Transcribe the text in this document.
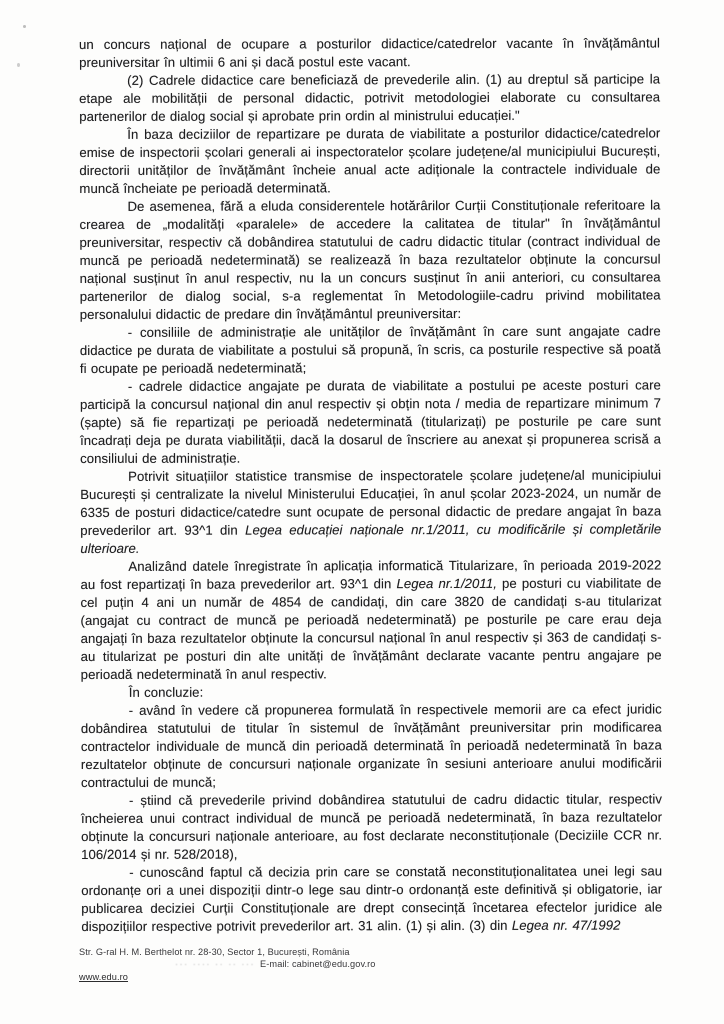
un concurs național de ocupare a posturilor didactice/catedrelor vacante în învățământul preuniversitar în ultimii 6 ani și dacă postul este vacant.

(2) Cadrele didactice care beneficiază de prevederile alin. (1) au dreptul să participe la etape ale mobilității de personal didactic, potrivit metodologiei elaborate cu consultarea partenerilor de dialog social și aprobate prin ordin al ministrului educației."

În baza deciziilor de repartizare pe durata de viabilitate a posturilor didactice/catedrelor emise de inspectorii școlari generali ai inspectoratelor școlare județene/al municipiului București, directorii unităților de învățământ încheie anual acte adiționale la contractele individuale de muncă încheiate pe perioadă determinată.

De asemenea, fără a eluda considerentele hotărârilor Curții Constituționale referitoare la crearea de „modalități «paralele» de accedere la calitatea de titular" în învățământul preuniversitar, respectiv că dobândirea statutului de cadru didactic titular (contract individual de muncă pe perioadă nedeterminată) se realizează în baza rezultatelor obținute la concursul național susținut în anul respectiv, nu la un concurs susținut în anii anteriori, cu consultarea partenerilor de dialog social, s-a reglementat în Metodologiile-cadru privind mobilitatea personalului didactic de predare din învățământul preuniversitar:

- consiliile de administrație ale unităților de învățământ în care sunt angajate cadre didactice pe durata de viabilitate a postului să propună, în scris, ca posturile respective să poată fi ocupate pe perioadă nedeterminată;

- cadrele didactice angajate pe durata de viabilitate a postului pe aceste posturi care participă la concursul național din anul respectiv și obțin nota / media de repartizare minimum 7 (șapte) să fie repartizați pe perioadă nedeterminată (titularizați) pe posturile pe care sunt încadrați deja pe durata viabilității, dacă la dosarul de înscriere au anexat și propunerea scrisă a consiliului de administrație.

Potrivit situațiilor statistice transmise de inspectoratele școlare județene/al municipiului București și centralizate la nivelul Ministerului Educației, în anul școlar 2023-2024, un număr de 6335 de posturi didactice/catedre sunt ocupate de personal didactic de predare angajat în baza prevederilor art. 93^1 din Legea educației naționale nr.1/2011, cu modificările și completările ulterioare.

Analizând datele înregistrate în aplicația informatică Titularizare, în perioada 2019-2022 au fost repartizați în baza prevederilor art. 93^1 din Legea nr.1/2011, pe posturi cu viabilitate de cel puțin 4 ani un număr de 4854 de candidați, din care 3820 de candidați s-au titularizat (angajat cu contract de muncă pe perioadă nedeterminată) pe posturile pe care erau deja angajați în baza rezultatelor obținute la concursul național în anul respectiv și 363 de candidați s-au titularizat pe posturi din alte unități de învățământ declarate vacante pentru angajare pe perioadă nedeterminată în anul respectiv.

În concluzie:

- având în vedere că propunerea formulată în respectivele memorii are ca efect juridic dobândirea statutului de titular în sistemul de învățământ preuniversitar prin modificarea contractelor individuale de muncă din perioadă determinată în perioadă nedeterminată în baza rezultatelor obținute de concursuri naționale organizate în sesiuni anterioare anului modificării contractului de muncă;

- știind că prevederile privind dobândirea statutului de cadru didactic titular, respectiv încheierea unui contract individual de muncă pe perioadă nedeterminată, în baza rezultatelor obținute la concursuri naționale anterioare, au fost declarate neconstituționale (Deciziile CCR nr. 106/2014 și nr. 528/2018),

- cunoscând faptul că decizia prin care se constată neconstituționalitatea unei legi sau ordonanțe ori a unei dispoziții dintr-o lege sau dintr-o ordonanță este definitivă și obligatorie, iar publicarea deciziei Curții Constituționale are drept consecință încetarea efectelor juridice ale dispozițiilor respective potrivit prevederilor art. 31 alin. (1) și alin. (3) din Legea nr. 47/1992

Str. G-ral H. M. Berthelot nr. 28-30, Sector 1, București, România
··· ···· ·· ·· ··· E-mail: cabinet@edu.gov.ro
www.edu.ro
